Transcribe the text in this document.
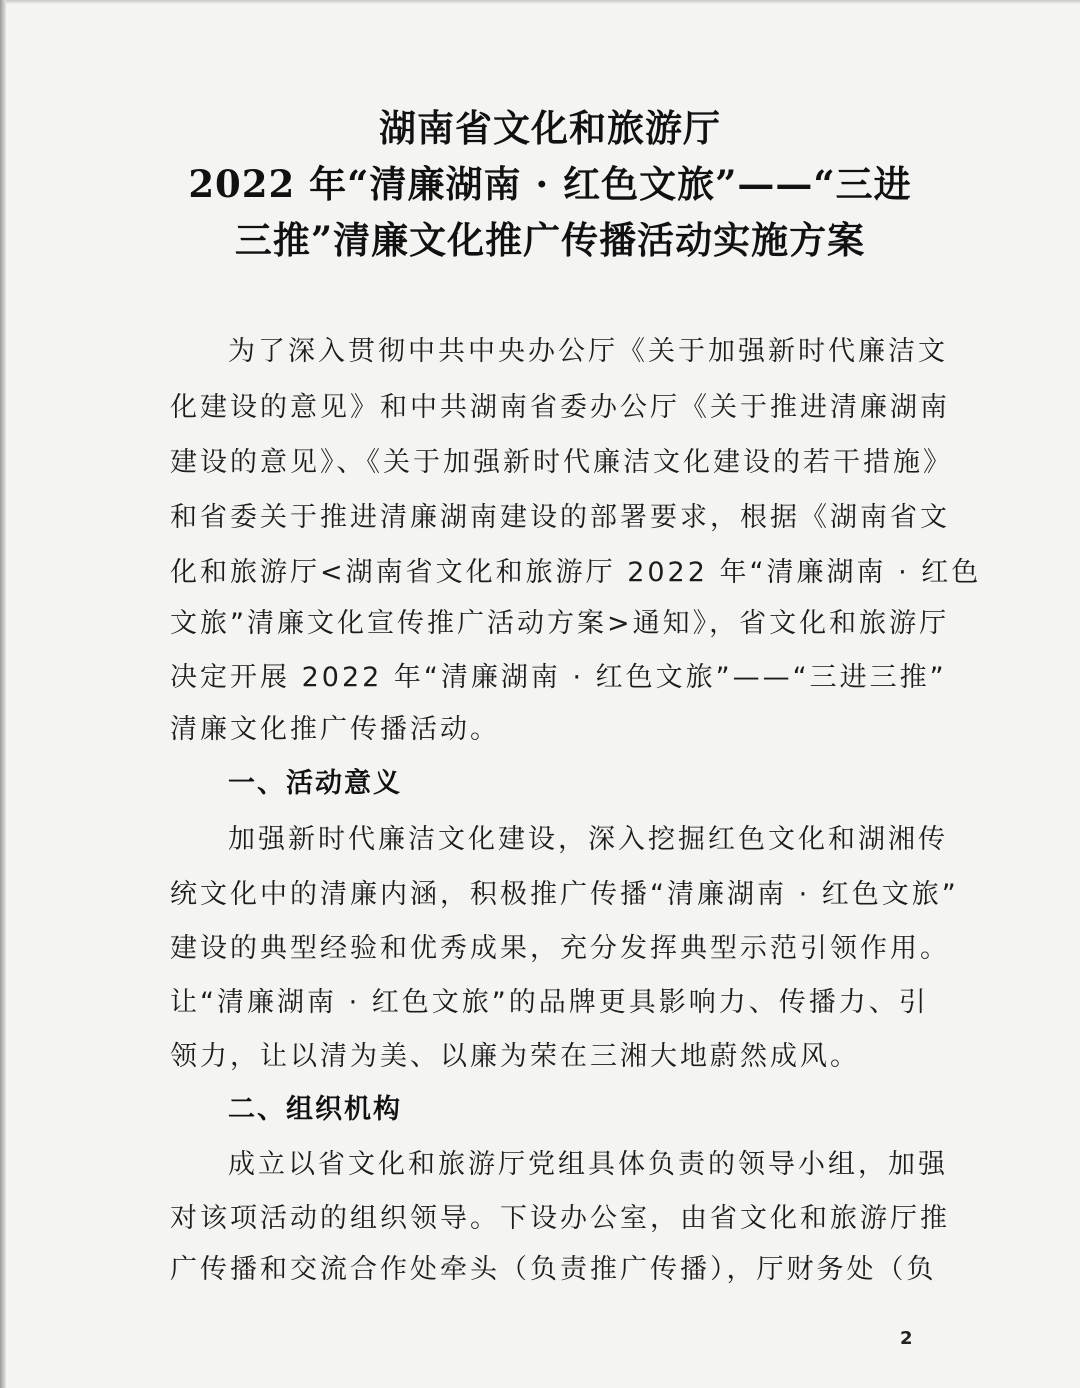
湖南省文化和旅游厅
2022 年“清廉湖南 · 红色文旅”——“三进
三推”清廉文化推广传播活动实施方案
为了深入贯彻中共中央办公厅《关于加强新时代廉洁文
化建设的意见》和中共湖南省委办公厅《关于推进清廉湖南
建设的意见》、《关于加强新时代廉洁文化建设的若干措施》
和省委关于推进清廉湖南建设的部署要求，根据《湖南省文
化和旅游厅<湖南省文化和旅游厅 2022 年“清廉湖南 · 红色
文旅”清廉文化宣传推广活动方案>通知》，省文化和旅游厅
决定开展 2022 年“清廉湖南 · 红色文旅”——“三进三推”
清廉文化推广传播活动。
一、活动意义
加强新时代廉洁文化建设，深入挖掘红色文化和湖湘传
统文化中的清廉内涵，积极推广传播“清廉湖南 · 红色文旅”
建设的典型经验和优秀成果，充分发挥典型示范引领作用。
让“清廉湖南 · 红色文旅”的品牌更具影响力、传播力、引
领力，让以清为美、以廉为荣在三湘大地蔚然成风。
二、组织机构
成立以省文化和旅游厅党组具体负责的领导小组，加强
对该项活动的组织领导。下设办公室，由省文化和旅游厅推
广传播和交流合作处牵头（负责推广传播），厅财务处（负
2
